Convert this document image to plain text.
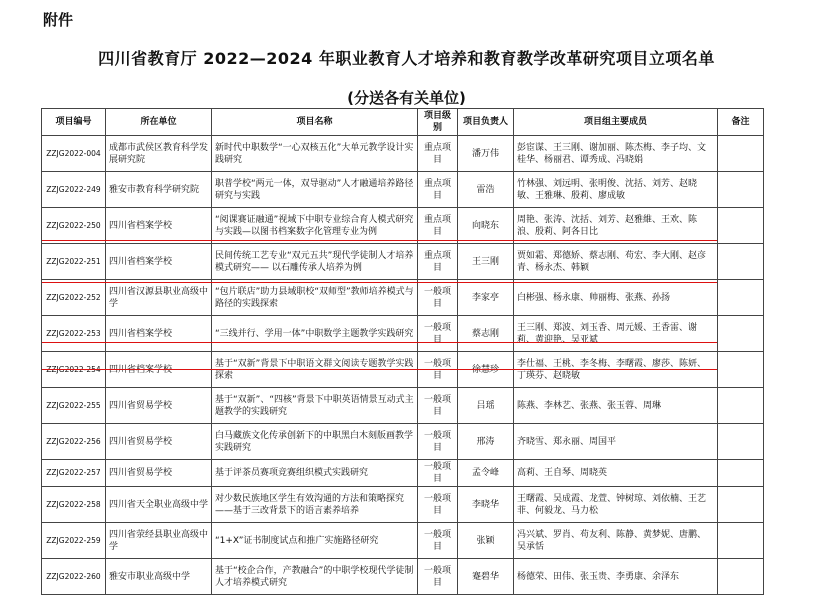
附件
四川省教育厅 2022—2024 年职业教育人才培养和教育教学改革研究项目立项名单
(分送各有关单位)
项目编号	所在单位	项目名称	项目级别	项目负责人	项目组主要成员	备注
ZZJG2022-004	成都市武侯区教育科学发展研究院	新时代中职数学“一心双核五化”大单元教学设计实践研究	重点项目	潘万伟	彭宦谋、王三刚、谢加丽、陈杰梅、李子均、文桂华、杨丽君、谭秀成、冯晓娟	
ZZJG2022-249	雅安市教育科学研究院	职普学校“两元一体，双导驱动”人才融通培养路径研究与实践	重点项目	雷浩	竹林强、刘远明、张明俊、沈括、刘芳、赵晓敏、王雅琳、殷莉、廖成敏	
ZZJG2022-250	四川省档案学校	“阅课赛证融通”视域下中职专业综合育人模式研究与实践—以图书档案数字化管理专业为例	重点项目	向晓东	周艳、张涛、沈括、刘芳、赵雅維、王欢、陈浪、殷莉、阿各日比	
ZZJG2022-251	四川省档案学校	民间传统工艺专业“双元五共”现代学徒制人才培养模式研究—— 以石雕传承人培养为例	重点项目	王三刚	贾如霜、郑德娇、蔡志刚、苟宏、李大刚、赵彦青、杨永杰、韩颖	
ZZJG2022-252	四川省汉源县职业高级中学	“包片联店”助力县域职校“双师型”教师培养模式与路径的实践探索	一般项目	李家亭	白彬强、杨永康、帅丽梅、张燕、孙扬	
ZZJG2022-253	四川省档案学校	“三线并行、学用一体”中职数学主题教学实践研究	一般项目	蔡志刚	王三刚、郑波、刘玉香、周元媛、王香雷、谢莉、黄迎艳、吴亚斌	
ZZJG2022-254	四川省档案学校	基于“双新”背景下中职语文群文阅读专题教学实践探索	一般项目	徐慧珍	李仕福、王桃、李冬梅、李曙霞、廖莎、陈妍、丁瑛芬、赵晓敏	
ZZJG2022-255	四川省贸易学校	基于“双新”、“四核”背景下中职英语情景互动式主题教学的实践研究	一般项目	吕瑶	陈燕、李林艺、张燕、张玉蓉、周琳	
ZZJG2022-256	四川省贸易学校	白马藏族文化传承创新下的中职黑白木刻版画教学实践研究	一般项目	邢涛	齐晓雪、郑永丽、周国平	
ZZJG2022-257	四川省贸易学校	基于评茶员赛项竞赛组织模式实践研究	一般项目	孟令峰	高莉、王自琴、周晓英	
ZZJG2022-258	四川省天全职业高级中学	对少数民族地区学生有效沟通的方法和策略探究——基于三改背景下的语言素养培养	一般项目	李晓华	王曙霞、吴成霞、龙萱、钟树琼、刘依楠、王艺菲、何毅龙、马力松	
ZZJG2022-259	四川省荥经县职业高级中学	“1+X”证书制度试点和推广实施路径研究	一般项目	张颖	冯兴斌、罗肖、苟友利、陈静、黄梦妮、唐鹏、吴承恬	
ZZJG2022-260	雅安市职业高级中学	基于“校企合作，产教融合”的中职学校现代学徒制人才培养模式研究	一般项目	蹇碧华	杨德荣、田伟、张玉贵、李勇康、余泽东	
